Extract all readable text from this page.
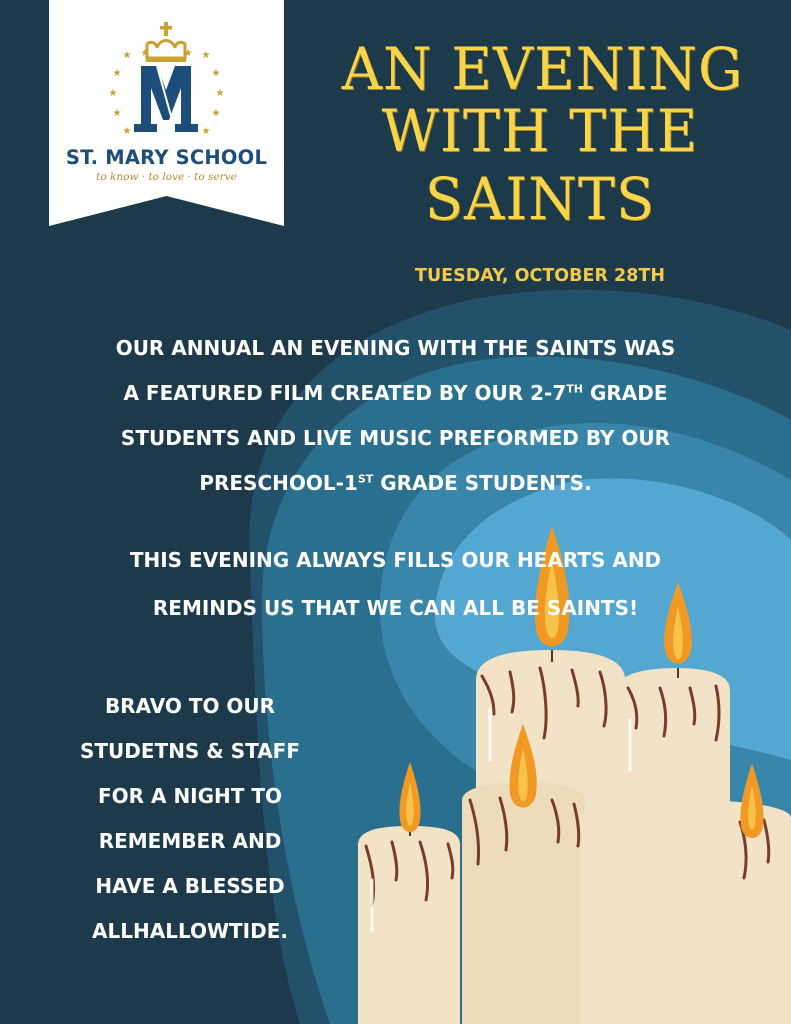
★
★
★
★
★
★	★
★
★
★
★
★
ST. MARY SCHOOL
to know · to love · to serve
AN EVENING
WITH THE
SAINTS
TUESDAY, OCTOBER 28TH
OUR ANNUAL AN EVENING WITH THE SAINTS WAS
A FEATURED FILM CREATED BY OUR 2-7TH GRADE
STUDENTS AND LIVE MUSIC PREFORMED BY OUR
PRESCHOOL-1ST GRADE STUDENTS.
THIS EVENING ALWAYS FILLS OUR HEARTS AND
REMINDS US THAT WE CAN ALL BE SAINTS!
BRAVO TO OUR
STUDETNS & STAFF
FOR A NIGHT TO
REMEMBER AND
HAVE A BLESSED
ALLHALLOWTIDE.
